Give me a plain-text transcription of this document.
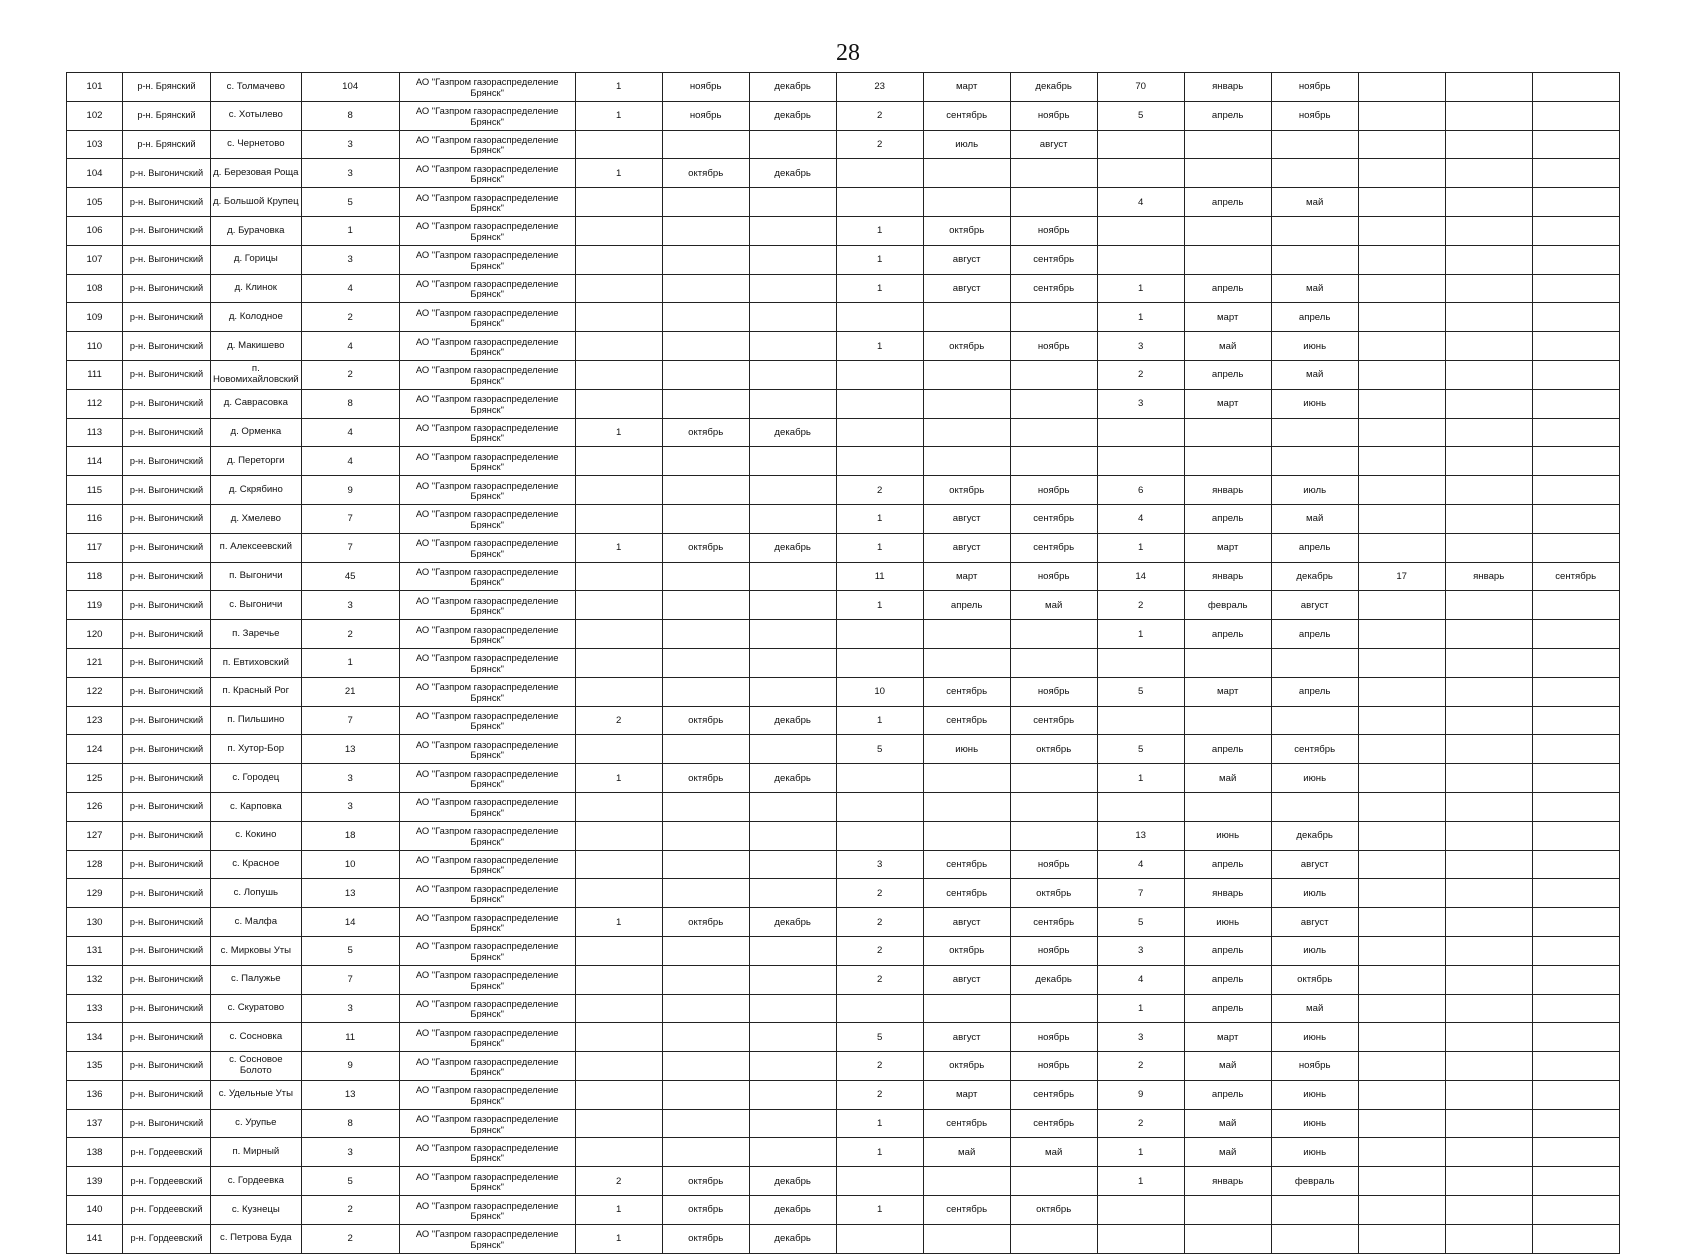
28
101	р-н. Брянский	с. Толмачево	104	АО "Газпром газораспределение Брянск"	1	ноябрь	декабрь	23	март	декабрь	70	январь	ноябрь			
102	р-н. Брянский	с. Хотылево	8	АО "Газпром газораспределение Брянск"	1	ноябрь	декабрь	2	сентябрь	ноябрь	5	апрель	ноябрь			
103	р-н. Брянский	с. Чернетово	3	АО "Газпром газораспределение Брянск"				2	июль	август						
104	р-н. Выгоничский	д. Березовая Роща	3	АО "Газпром газораспределение Брянск"	1	октябрь	декабрь									
105	р-н. Выгоничский	д. Большой Крупец	5	АО "Газпром газораспределение Брянск"							4	апрель	май			
106	р-н. Выгоничский	д. Бурачовка	1	АО "Газпром газораспределение Брянск"				1	октябрь	ноябрь						
107	р-н. Выгоничский	д. Горицы	3	АО "Газпром газораспределение Брянск"				1	август	сентябрь						
108	р-н. Выгоничский	д. Клинок	4	АО "Газпром газораспределение Брянск"				1	август	сентябрь	1	апрель	май			
109	р-н. Выгоничский	д. Колодное	2	АО "Газпром газораспределение Брянск"							1	март	апрель			
110	р-н. Выгоничский	д. Макишево	4	АО "Газпром газораспределение Брянск"				1	октябрь	ноябрь	3	май	июнь			
111	р-н. Выгоничский	п. Новомихайловский	2	АО "Газпром газораспределение Брянск"							2	апрель	май			
112	р-н. Выгоничский	д. Саврасовка	8	АО "Газпром газораспределение Брянск"							3	март	июнь			
113	р-н. Выгоничский	д. Орменка	4	АО "Газпром газораспределение Брянск"	1	октябрь	декабрь									
114	р-н. Выгоничский	д. Переторги	4	АО "Газпром газораспределение Брянск"												
115	р-н. Выгоничский	д. Скрябино	9	АО "Газпром газораспределение Брянск"				2	октябрь	ноябрь	6	январь	июль			
116	р-н. Выгоничский	д. Хмелево	7	АО "Газпром газораспределение Брянск"				1	август	сентябрь	4	апрель	май			
117	р-н. Выгоничский	п. Алексеевский	7	АО "Газпром газораспределение Брянск"	1	октябрь	декабрь	1	август	сентябрь	1	март	апрель			
118	р-н. Выгоничский	п. Выгоничи	45	АО "Газпром газораспределение Брянск"				11	март	ноябрь	14	январь	декабрь	17	январь	сентябрь
119	р-н. Выгоничский	с. Выгоничи	3	АО "Газпром газораспределение Брянск"				1	апрель	май	2	февраль	август			
120	р-н. Выгоничский	п. Заречье	2	АО "Газпром газораспределение Брянск"							1	апрель	апрель			
121	р-н. Выгоничский	п. Евтиховский	1	АО "Газпром газораспределение Брянск"												
122	р-н. Выгоничский	п. Красный Рог	21	АО "Газпром газораспределение Брянск"				10	сентябрь	ноябрь	5	март	апрель			
123	р-н. Выгоничский	п. Пильшино	7	АО "Газпром газораспределение Брянск"	2	октябрь	декабрь	1	сентябрь	сентябрь						
124	р-н. Выгоничский	п. Хутор-Бор	13	АО "Газпром газораспределение Брянск"				5	июнь	октябрь	5	апрель	сентябрь			
125	р-н. Выгоничский	с. Городец	3	АО "Газпром газораспределение Брянск"	1	октябрь	декабрь				1	май	июнь			
126	р-н. Выгоничский	с. Карповка	3	АО "Газпром газораспределение Брянск"												
127	р-н. Выгоничский	с. Кокино	18	АО "Газпром газораспределение Брянск"							13	июнь	декабрь			
128	р-н. Выгоничский	с. Красное	10	АО "Газпром газораспределение Брянск"				3	сентябрь	ноябрь	4	апрель	август			
129	р-н. Выгоничский	с. Лопушь	13	АО "Газпром газораспределение Брянск"				2	сентябрь	октябрь	7	январь	июль			
130	р-н. Выгоничский	с. Малфа	14	АО "Газпром газораспределение Брянск"	1	октябрь	декабрь	2	август	сентябрь	5	июнь	август			
131	р-н. Выгоничский	с. Мирковы Уты	5	АО "Газпром газораспределение Брянск"				2	октябрь	ноябрь	3	апрель	июль			
132	р-н. Выгоничский	с. Палужье	7	АО "Газпром газораспределение Брянск"				2	август	декабрь	4	апрель	октябрь			
133	р-н. Выгоничский	с. Скуратово	3	АО "Газпром газораспределение Брянск"							1	апрель	май			
134	р-н. Выгоничский	с. Сосновка	11	АО "Газпром газораспределение Брянск"				5	август	ноябрь	3	март	июнь			
135	р-н. Выгоничский	с. Сосновое Болото	9	АО "Газпром газораспределение Брянск"				2	октябрь	ноябрь	2	май	ноябрь			
136	р-н. Выгоничский	с. Удельные Уты	13	АО "Газпром газораспределение Брянск"				2	март	сентябрь	9	апрель	июнь			
137	р-н. Выгоничский	с. Урупье	8	АО "Газпром газораспределение Брянск"				1	сентябрь	сентябрь	2	май	июнь			
138	р-н. Гордеевский	п. Мирный	3	АО "Газпром газораспределение Брянск"				1	май	май	1	май	июнь			
139	р-н. Гордеевский	с. Гордеевка	5	АО "Газпром газораспределение Брянск"	2	октябрь	декабрь				1	январь	февраль			
140	р-н. Гордеевский	с. Кузнецы	2	АО "Газпром газораспределение Брянск"	1	октябрь	декабрь	1	сентябрь	октябрь						
141	р-н. Гордеевский	с. Петрова Буда	2	АО "Газпром газораспределение Брянск"	1	октябрь	декабрь									
